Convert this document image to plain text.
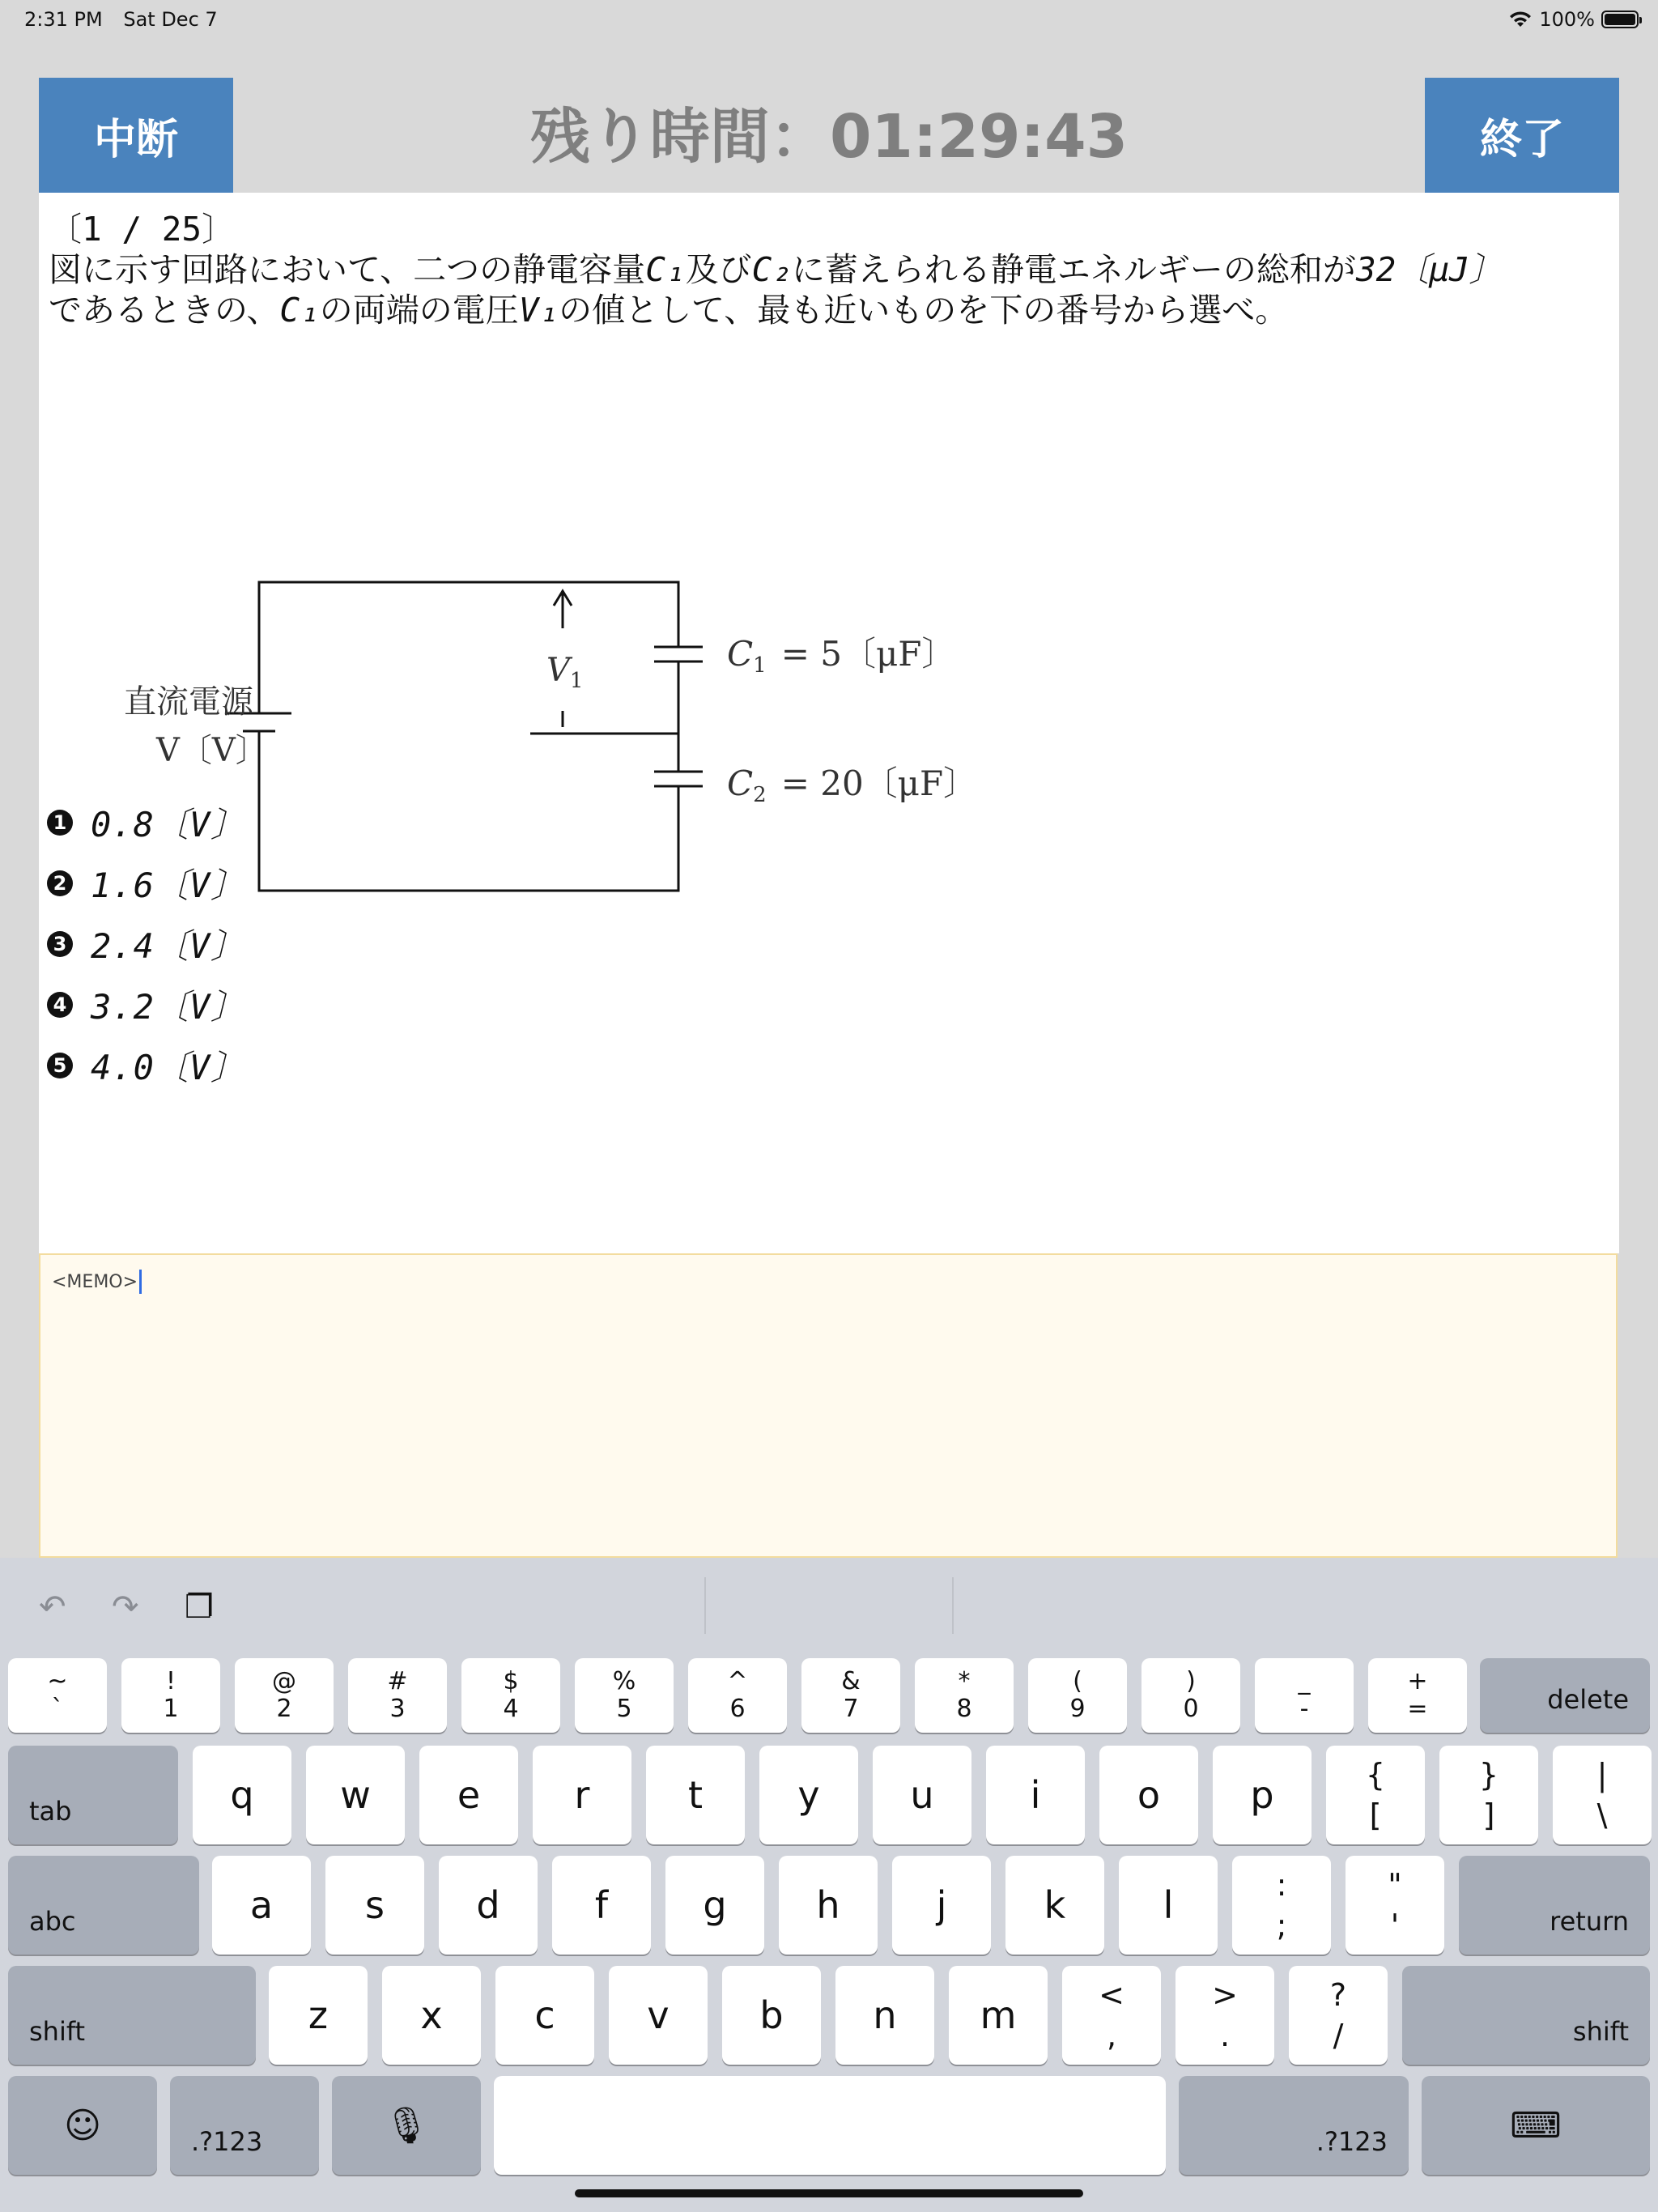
2:31 PM Sat Dec 7	100%
中断	残り時間：01:29:43	終了
〔1 / 25〕
図に示す回路において、二つの静電容量C₁及びC₂に蓄えられる静電エネルギーの総和が32〔μJ〕
であるときの、C₁の両端の電圧V₁の値として、最も近いものを下の番号から選べ。
直流電源
V〔V〕
$V_1$
C1 = 5〔μF〕
C2 = 20〔μF〕
1 0.8〔V〕
2 1.6〔V〕
3 2.4〔V〕
4 3.2〔V〕
5 4.0〔V〕
<MEMO>
↶ ↷ ❐
~
`
!
1
@
2
#
3
$
4
%
5
^
6
&
7
*
8
(
9
)
0
_
-
+
=	delete
tab	q w e	r	t	y u	i	o p	{
[
}
]
|
\
abc	a s d	f	g h	j	k	l	:
;
"
'	return
shift	z x c v b n m	<
,
>
.
?
/	shift
☺	.?123	🎙	.?123	⌨
